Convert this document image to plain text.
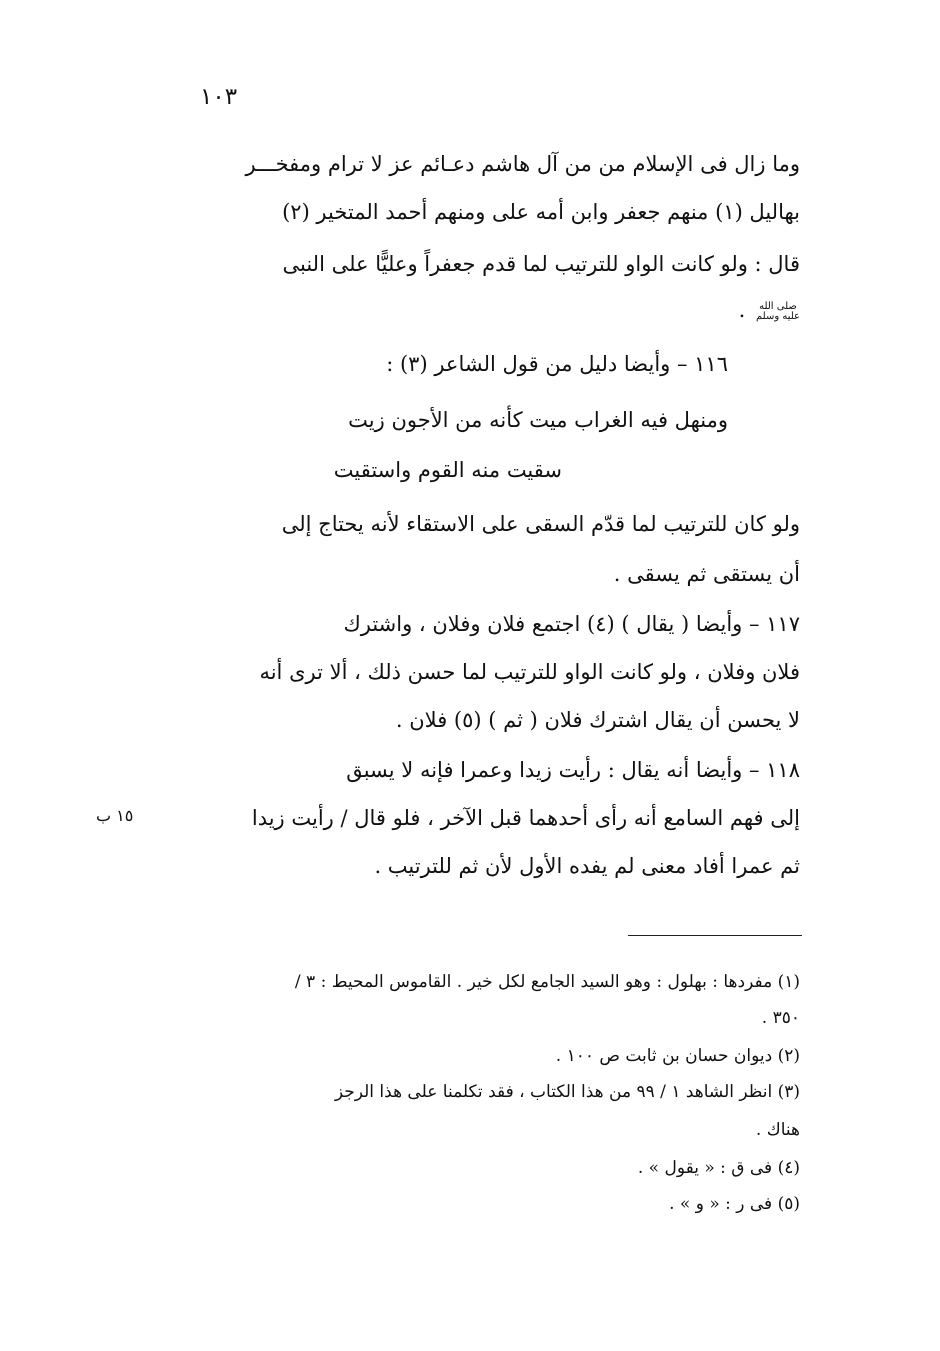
١٠٣
١٥ ب
وما زال فى الإسلام من من آل هاشم دعـائم عز لا ترام ومفخـــر
بهاليل (١) منهم جعفر وابن أمه على ومنهم أحمد المتخير (٢)
قال : ولو كانت الواو للترتيب لما قدم جعفراً وعليًّا على النبى
صلى الله
عليه وسلم .
١١٦ – وأيضا دليل من قول الشاعر (٣) :
ومنهل فيه الغراب ميت كأنه من الأجون زيت
سقيت منه القوم واستقيت
ولو كان للترتيب لما قدّم السقى على الاستقاء لأنه يحتاج إلى
أن يستقى ثم يسقى .
١١٧ – وأيضا ( يقال ) (٤) اجتمع فلان وفلان ، واشترك
فلان وفلان ، ولو كانت الواو للترتيب لما حسن ذلك ، ألا ترى أنه
لا يحسن أن يقال اشترك فلان ( ثم ) (٥) فلان .
١١٨ – وأيضا أنه يقال : رأيت زيدا وعمرا فإنه لا يسبق
إلى فهم السامع أنه رأى أحدهما قبل الآخر ، فلو قال / رأيت زيدا
ثم عمرا أفاد معنى لم يفده الأول لأن ثم للترتيب .
(١) مفردها : بهلول : وهو السيد الجامع لكل خير . القاموس المحيط : ٣ /
٣٥٠ .
(٢) ديوان حسان بن ثابت ص ١٠٠ .
(٣) انظر الشاهد ١ / ٩٩ من هذا الكتاب ، فقد تكلمنا على هذا الرجز
هناك .
(٤) فى ق : « يقول » .
(٥) فى ر : « و » .
